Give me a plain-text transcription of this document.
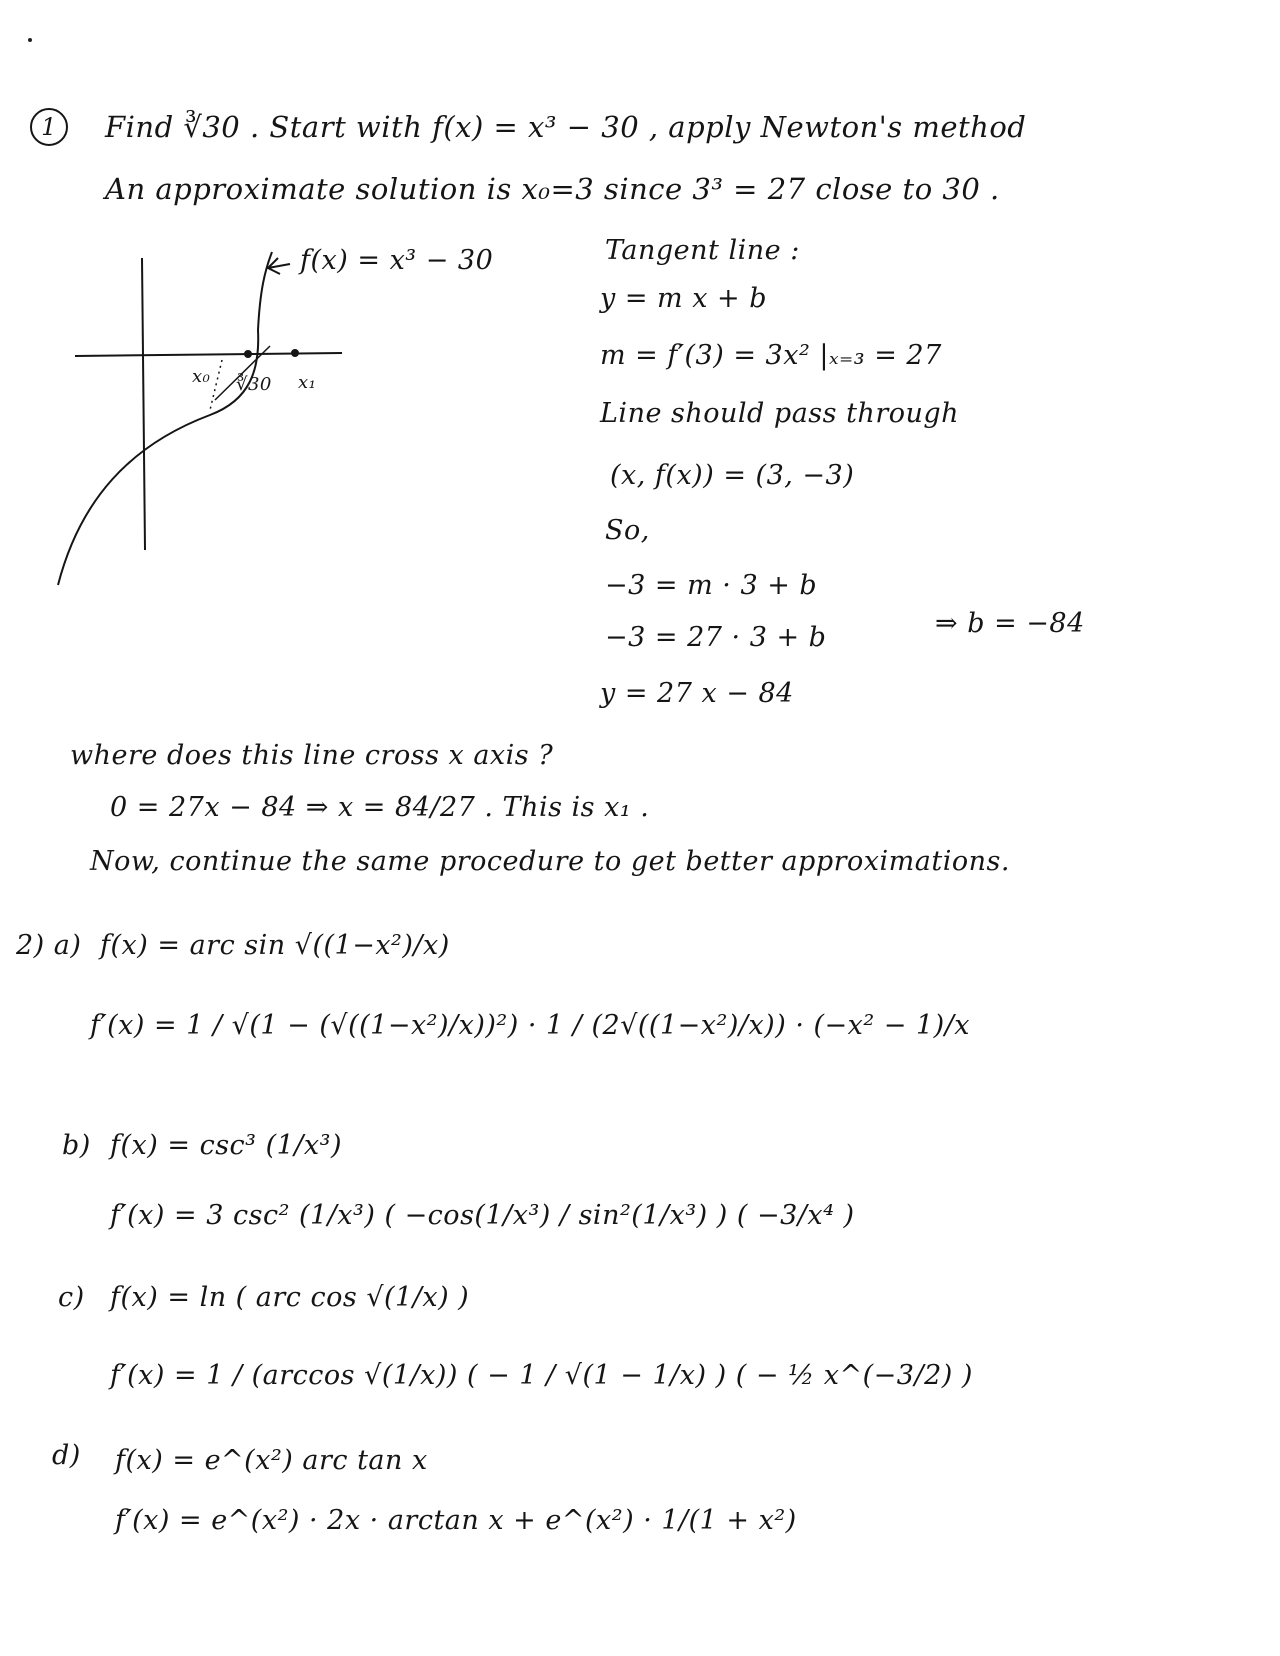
1	Find ∛30 . Start with f(x) = x³ − 30 , apply Newton's method
An approximate solution is x₀=3 since 3³ = 27 close to 30 .
f(x) = x³ − 30
x₀ ∛30 x₁
Tangent line :
y = m x + b
m = f′(3) = 3x² |ₓ₌₃ = 27
Line should pass through
(x, f(x)) = (3, −3)
So,
−3 = m · 3 + b
−3 = 27 · 3 + b	⇒ b = −84
y = 27 x − 84
where does this line cross x axis ?
0 = 27x − 84 ⇒ x = 84/27 . This is x₁ .
Now, continue the same procedure to get better approximations.
2) a) f(x) = arc sin √((1−x²)/x)
f′(x) = 1 / √(1 − (√((1−x²)/x))²) · 1 / (2√((1−x²)/x)) · (−x² − 1)/x
b) f(x) = csc³ (1/x³)
f′(x) = 3 csc² (1/x³) ( −cos(1/x³) / sin²(1/x³) ) ( −3/x⁴ )
c) f(x) = ln ( arc cos √(1/x) )
f′(x) = 1 / (arccos √(1/x)) ( − 1 / √(1 − 1/x) ) ( − ½ x^(−3/2) )
d) f(x) = e^(x²) arc tan x
f′(x) = e^(x²) · 2x · arctan x + e^(x²) · 1/(1 + x²)
